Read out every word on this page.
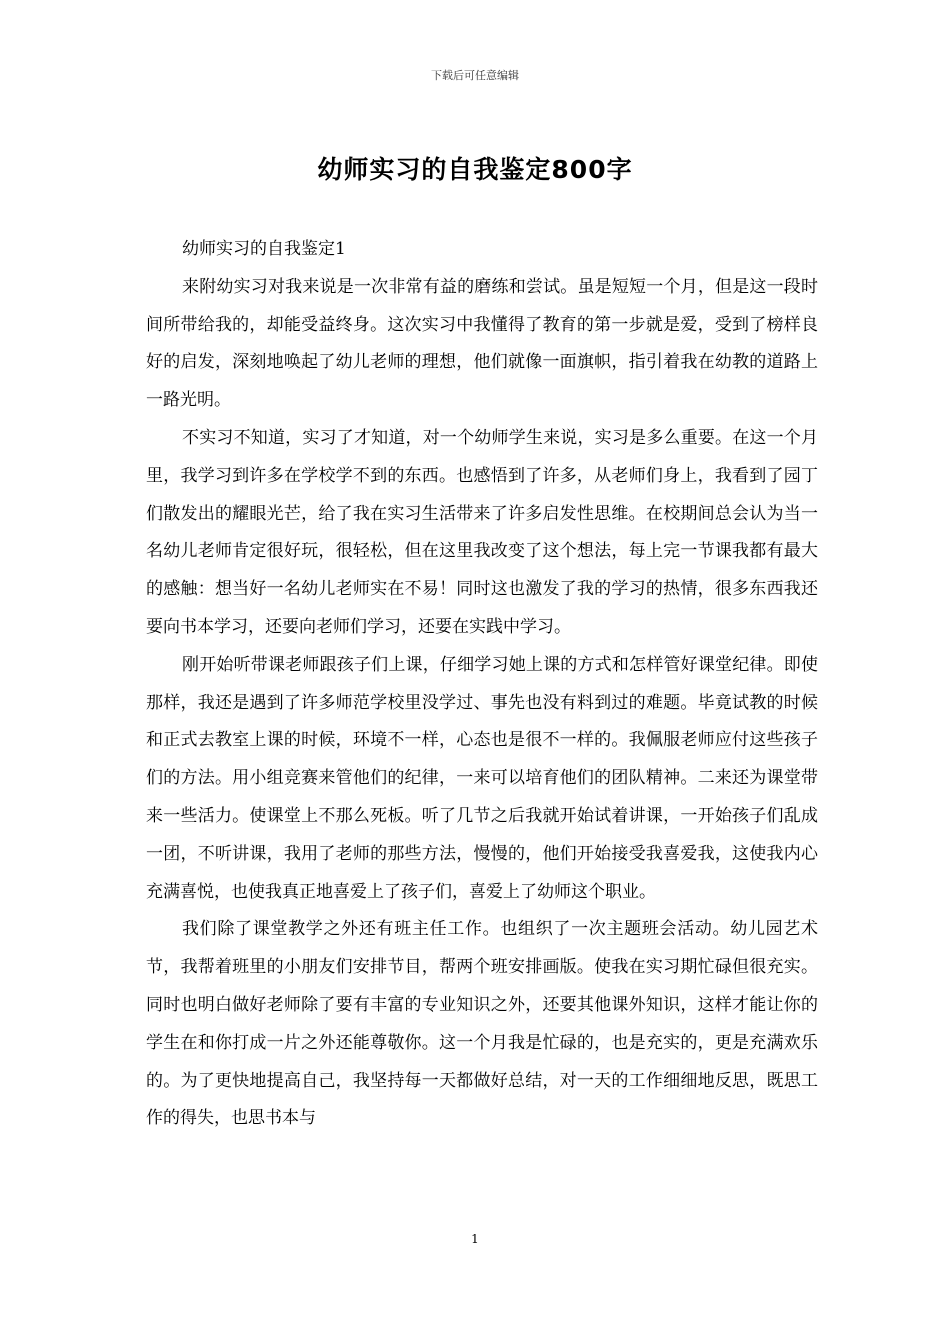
下载后可任意编辑
幼师实习的自我鉴定800字

幼师实习的自我鉴定1

来附幼实习对我来说是一次非常有益的磨练和尝试。虽是短短一个月，但是这一段时间所带给我的，却能受益终身。这次实习中我懂得了教育的第一步就是爱，受到了榜样良好的启发，深刻地唤起了幼儿老师的理想，他们就像一面旗帜，指引着我在幼教的道路上一路光明。

不实习不知道，实习了才知道，对一个幼师学生来说，实习是多么重要。在这一个月里，我学习到许多在学校学不到的东西。也感悟到了许多，从老师们身上，我看到了园丁们散发出的耀眼光芒，给了我在实习生活带来了许多启发性思维。在校期间总会认为当一名幼儿老师肯定很好玩，很轻松，但在这里我改变了这个想法，每上完一节课我都有最大的感触：想当好一名幼儿老师实在不易！同时这也激发了我的学习的热情，很多东西我还要向书本学习，还要向老师们学习，还要在实践中学习。

刚开始听带课老师跟孩子们上课，仔细学习她上课的方式和怎样管好课堂纪律。即使那样，我还是遇到了许多师范学校里没学过、事先也没有料到过的难题。毕竟试教的时候和正式去教室上课的时候，环境不一样，心态也是很不一样的。我佩服老师应付这些孩子们的方法。用小组竞赛来管他们的纪律，一来可以培育他们的团队精神。二来还为课堂带来一些活力。使课堂上不那么死板。听了几节之后我就开始试着讲课，一开始孩子们乱成一团，不听讲课，我用了老师的那些方法，慢慢的，他们开始接受我喜爱我，这使我内心充满喜悦，也使我真正地喜爱上了孩子们，喜爱上了幼师这个职业。

我们除了课堂教学之外还有班主任工作。也组织了一次主题班会活动。幼儿园艺术节，我帮着班里的小朋友们安排节目，帮两个班安排画版。使我在实习期忙碌但很充实。同时也明白做好老师除了要有丰富的专业知识之外，还要其他课外知识，这样才能让你的学生在和你打成一片之外还能尊敬你。这一个月我是忙碌的，也是充实的，更是充满欢乐的。为了更快地提高自己，我坚持每一天都做好总结，对一天的工作细细地反思，既思工作的得失，也思书本与

1
